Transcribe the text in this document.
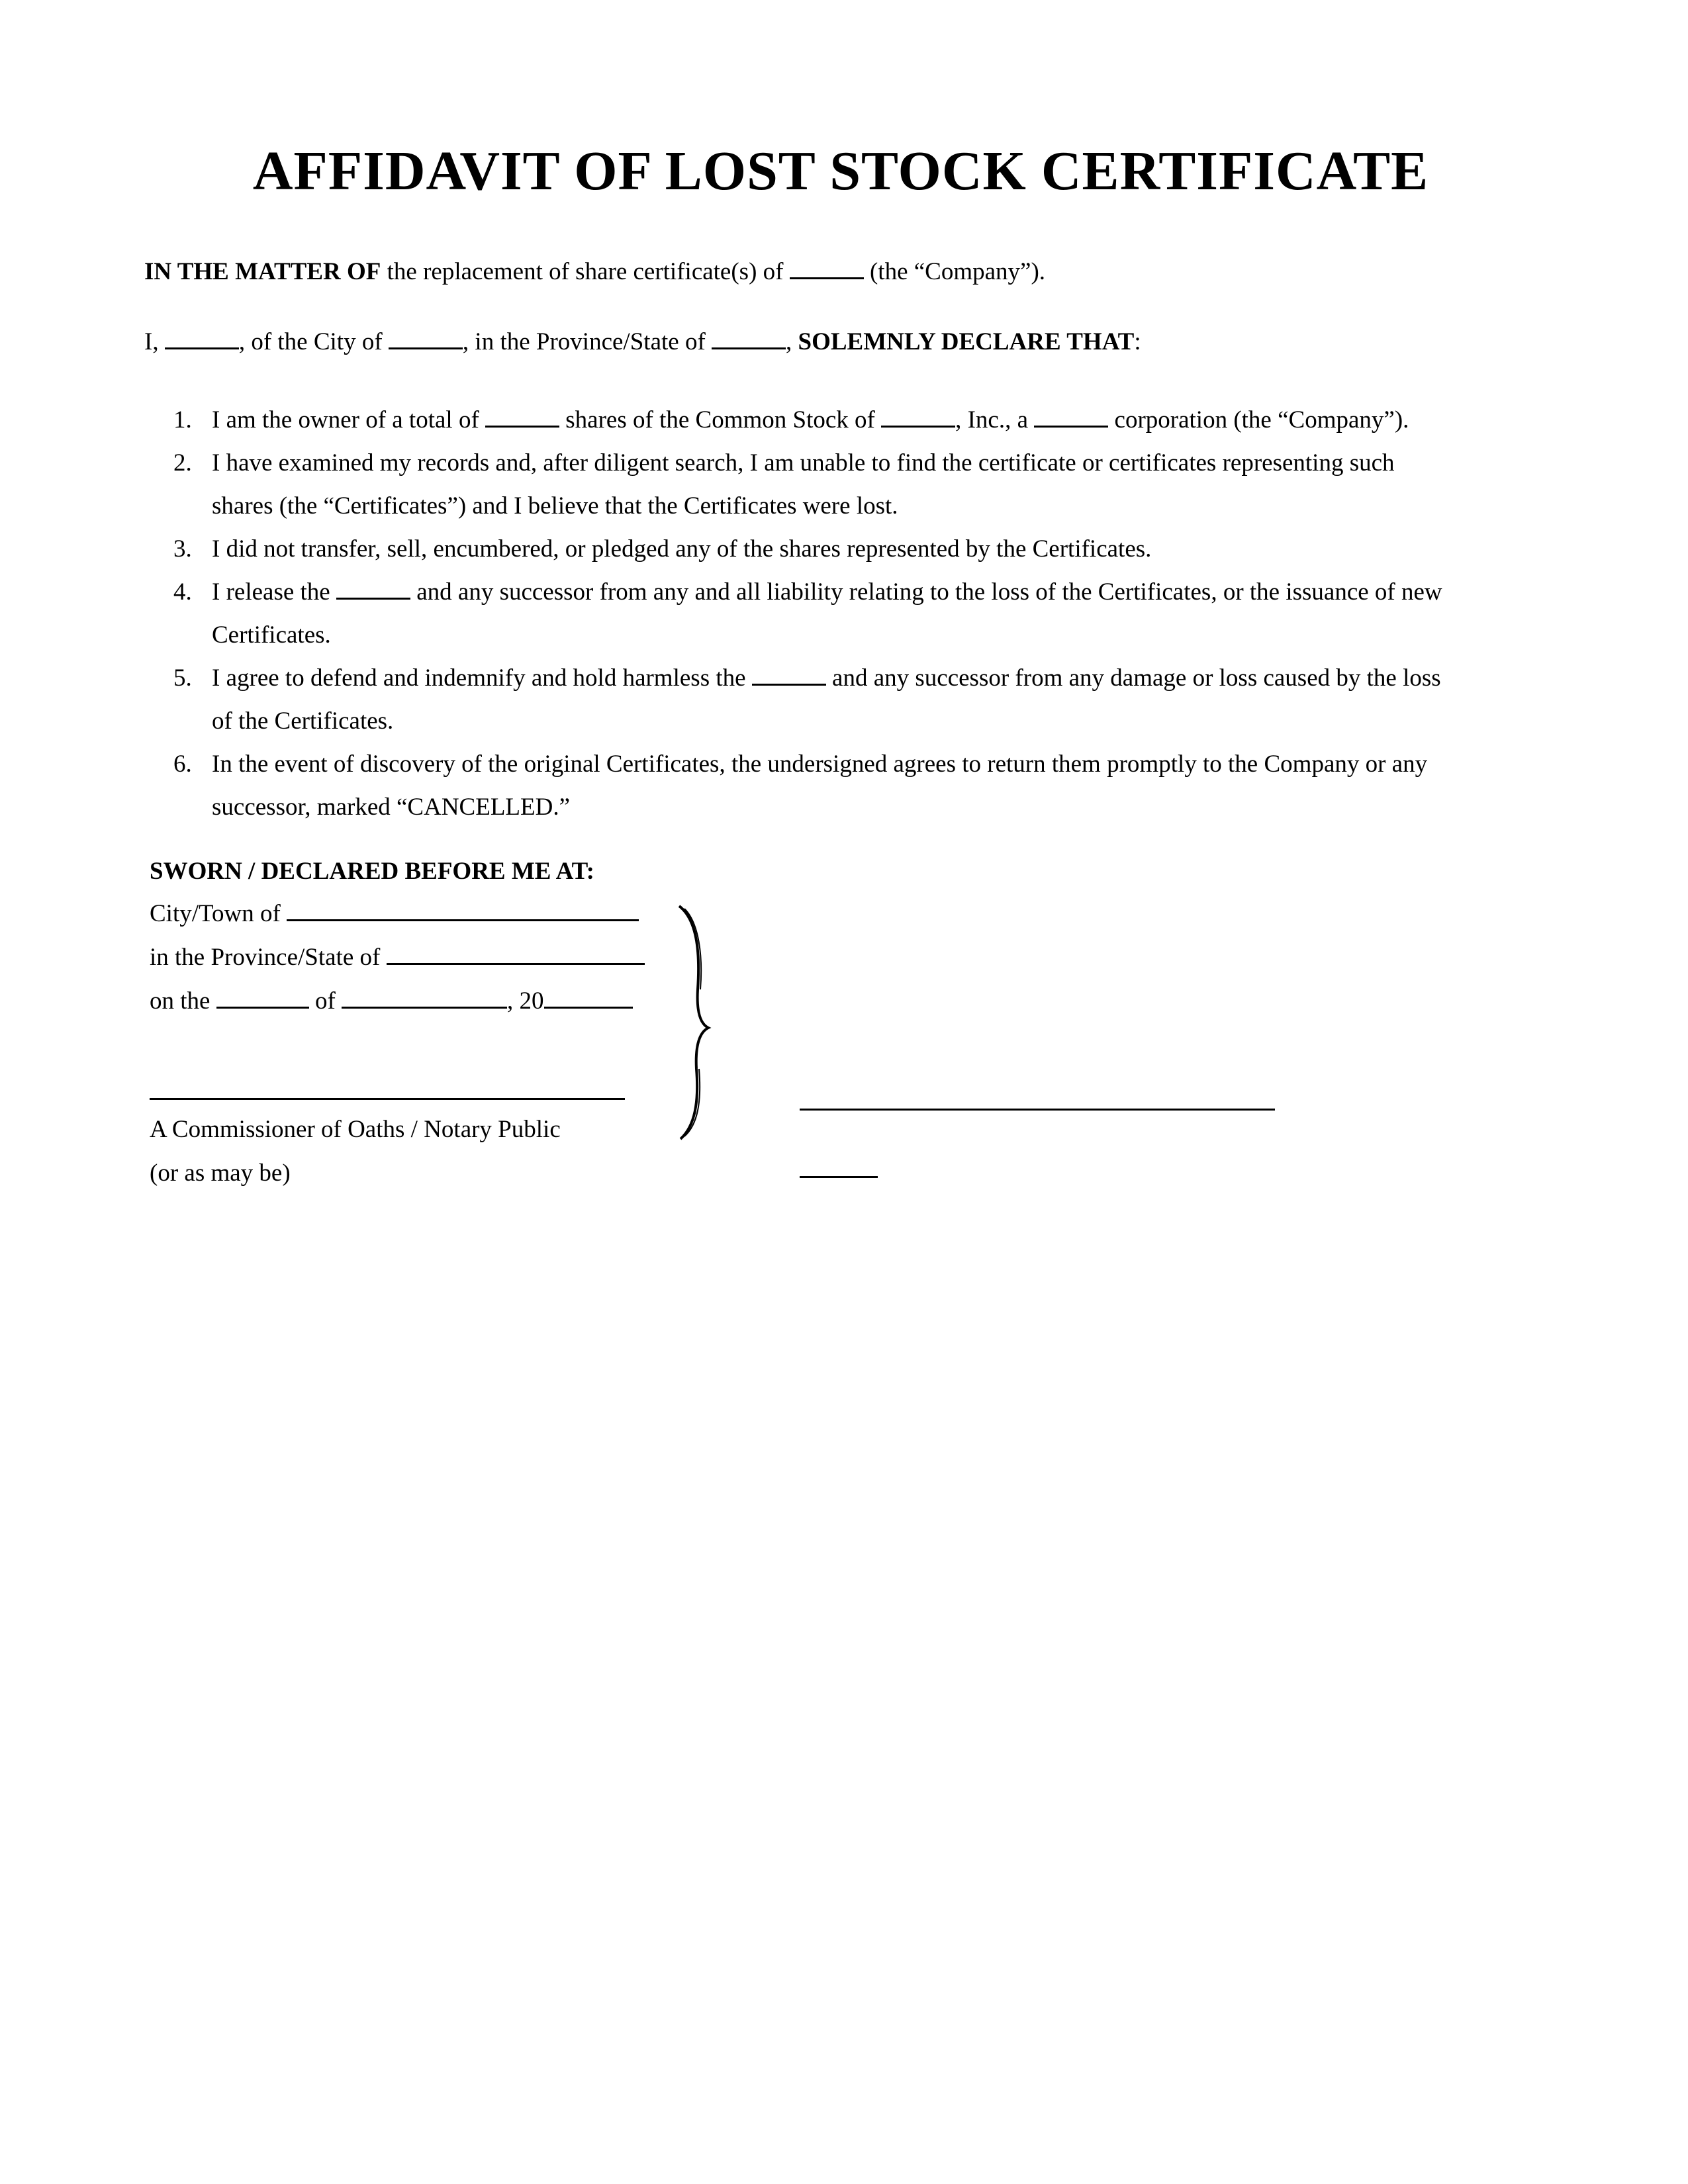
AFFIDAVIT OF LOST STOCK CERTIFICATE
IN THE MATTER OF the replacement of share certificate(s) of	(the “Company”).
I,	, of the City of	, in the Province/State of	, SOLEMNLY DECLARE THAT:
1. I am the owner of a total of	shares of the Common Stock of	, Inc., a	corporation (the “Company”).
2. I have examined my records and, after diligent search, I am unable to find the certificate or certificates representing such
shares (the “Certificates”) and I believe that the Certificates were lost.
3. I did not transfer, sell, encumbered, or pledged any of the shares represented by the Certificates.
4. I release the	and any successor from any and all liability relating to the loss of the Certificates, or the issuance of new
Certificates.
5. I agree to defend and indemnify and hold harmless the	and any successor from any damage or loss caused by the loss
of the Certificates.
6. In the event of discovery of the original Certificates, the undersigned agrees to return them promptly to the Company or any
successor, marked “CANCELLED.”
SWORN / DECLARED BEFORE ME AT:
City/Town of
in the Province/State of
on the	of	, 20
A Commissioner of Oaths / Notary Public
(or as may be)
